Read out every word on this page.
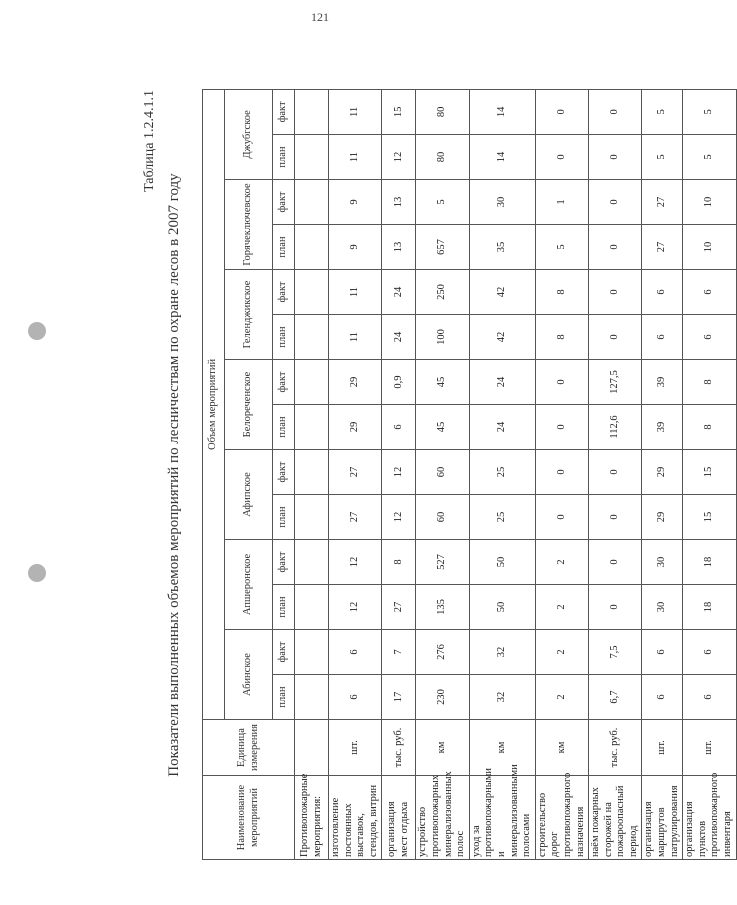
121
Таблица 1.2.4.1.1
Показатели выполненных объемов мероприятий по лесничествам по охране лесов в 2007 году
Наименование мероприятий	Единица измерения	Объем мероприятий													
		Абинское		Апшеронское		Афипское		Белореченское		Геленджикское		Горячеключевское		Джубгское	
		план	факт	план	факт	план	факт	план	факт	план	факт	план	факт	план	факт
Противопожарные мероприятия:															
изготовление постоянных выставок, стендов, витрин	шт.	6	6	12	12	27	27	29	29	11	11	9	9	11	11
организация мест отдыха	тыс. руб.	17	7	27	8	12	12	6	0,9	24	24	13	13	12	15
устройство противопожарных минерализованных полос	км	230	276	135	527	60	60	45	45	100	250	657	5	80	80
уход за противопожарными и минерализованными полосами	км	32	32	50	50	25	25	24	24	42	42	35	30	14	14
строительство дорог противопожарного назначения	км	2	2	2	2	0	0	0	0	8	8	5	1	0	0
наём пожарных сторожей на пожароопасный период	тыс. руб.	6,7	7,5	0	0	0	0	112,6	127,5	0	0	0	0	0	0
организация маршрутов патрулирования	шт.	6	6	30	30	29	29	39	39	6	6	27	27	5	5
организация пунктов противопожарного инвентаря	шт.	6	6	18	18	15	15	8	8	6	6	10	10	5	5
